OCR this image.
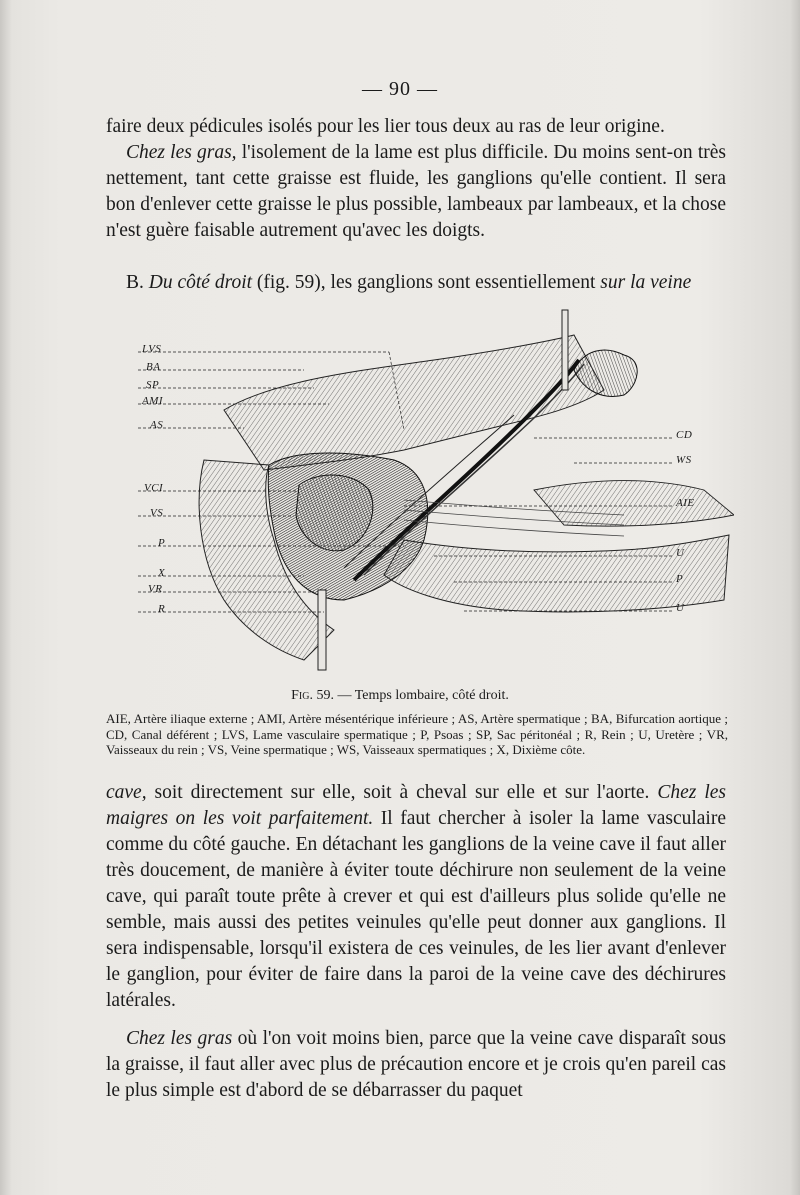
— 90 —
faire deux pédicules isolés pour les lier tous deux au ras de leur origine.
Chez les gras, l'isolement de la lame est plus difficile. Du moins sent-on très nettement, tant cette graisse est fluide, les ganglions qu'elle contient. Il sera bon d'enlever cette graisse le plus possible, lambeaux par lambeaux, et la chose n'est guère faisable autrement qu'avec les doigts.
B. Du côté droit (fig. 59), les ganglions sont essentiellement sur la veine
LVS
BA
SP
AMI
AS
VCI
VS
P
X
VR
R
CD
WS
AIE
U
P
U
Fig. 59. — Temps lombaire, côté droit.
AIE, Artère iliaque externe ; AMI, Artère mésentérique inférieure ; AS, Artère spermatique ; BA, Bifurcation aortique ; CD, Canal déférent ; LVS, Lame vasculaire spermatique ; P, Psoas ; SP, Sac péritonéal ; R, Rein ; U, Uretère ; VR, Vaisseaux du rein ; VS, Veine spermatique ; WS, Vaisseaux spermatiques ; X, Dixième côte.
cave, soit directement sur elle, soit à cheval sur elle et sur l'aorte. Chez les maigres on les voit parfaitement. Il faut chercher à isoler la lame vasculaire comme du côté gauche. En détachant les ganglions de la veine cave il faut aller très doucement, de manière à éviter toute déchirure non seulement de la veine cave, qui paraît toute prête à crever et qui est d'ailleurs plus solide qu'elle ne semble, mais aussi des petites veinules qu'elle peut donner aux ganglions. Il sera indispensable, lorsqu'il existera de ces veinules, de les lier avant d'enlever le ganglion, pour éviter de faire dans la paroi de la veine cave des déchirures latérales.
Chez les gras où l'on voit moins bien, parce que la veine cave disparaît sous la graisse, il faut aller avec plus de précaution encore et je crois qu'en pareil cas le plus simple est d'abord de se débarrasser du paquet
